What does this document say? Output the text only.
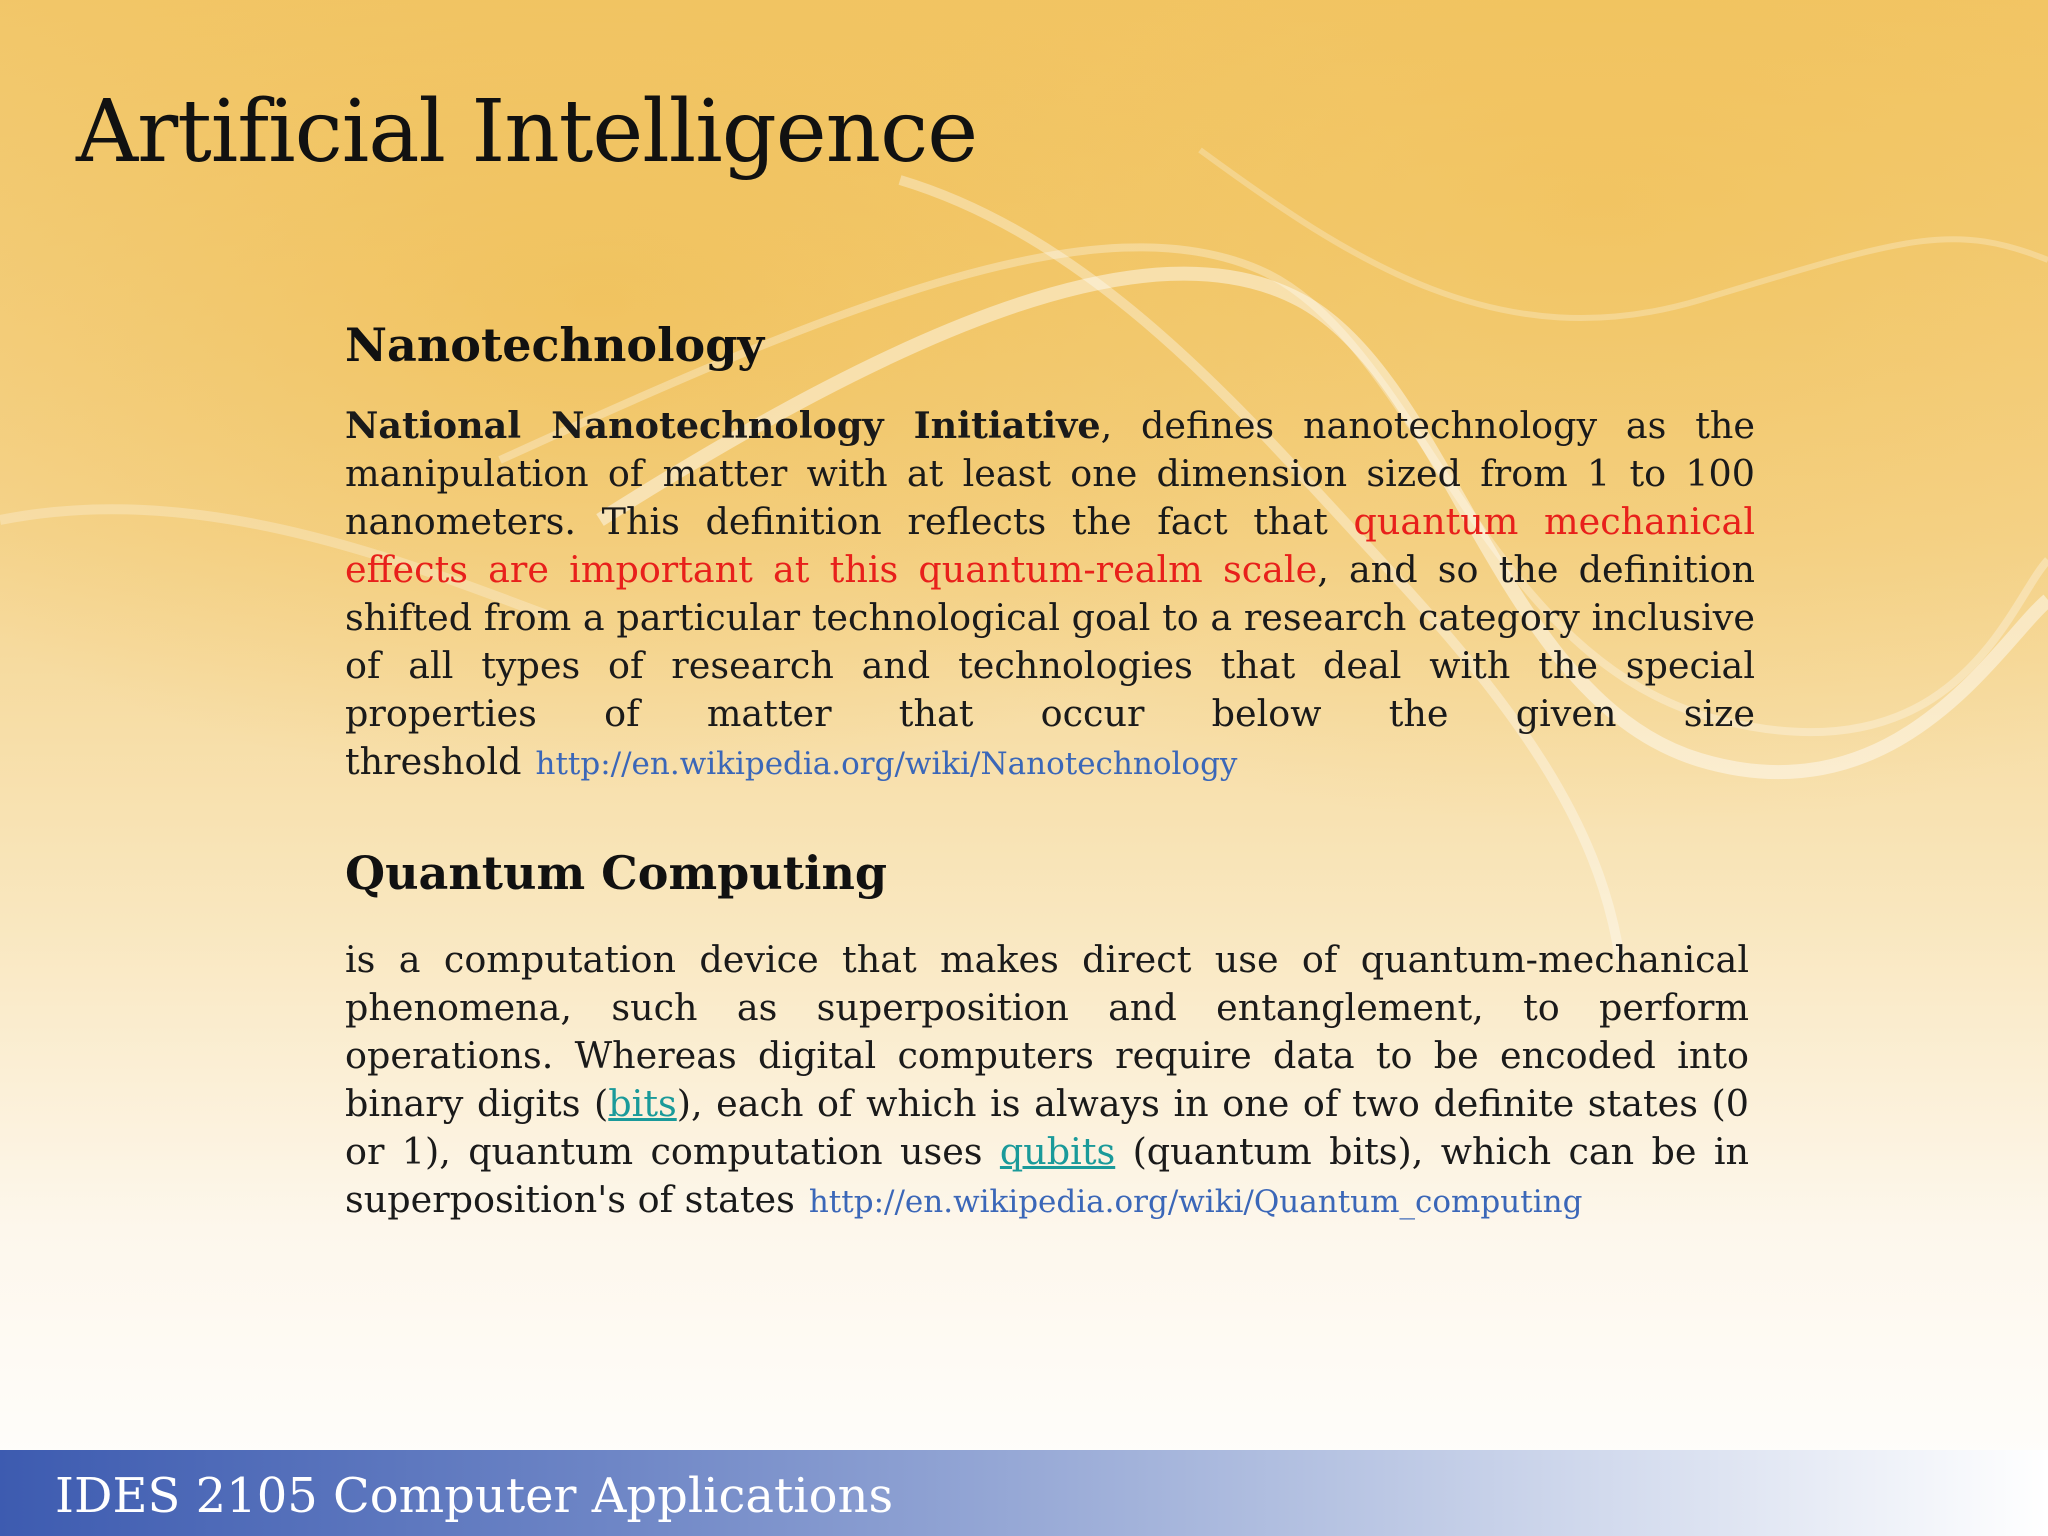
Artificial Intelligence
Nanotechnology

National Nanotechnology Initiative, defines nanotechnology as the manipulation of matter with at least one dimension sized from 1 to 100 nanometers. This definition reflects the fact that quantum mechanical effects are important at this quantum-realm scale, and so the definition shifted from a particular technological goal to a research category inclusive of all types of research and technologies that deal with the special properties of matter that occur below the given size threshold http://en.wikipedia.org/wiki/Nanotechnology

Quantum Computing

is a computation device that makes direct use of quantum-mechanical phenomena, such as superposition and entanglement, to perform operations. Whereas digital computers require data to be encoded into binary digits (bits), each of which is always in one of two definite states (0 or 1), quantum computation uses qubits (quantum bits), which can be in superposition's of states http://en.wikipedia.org/wiki/Quantum_computing

IDES 2105 Computer Applications
